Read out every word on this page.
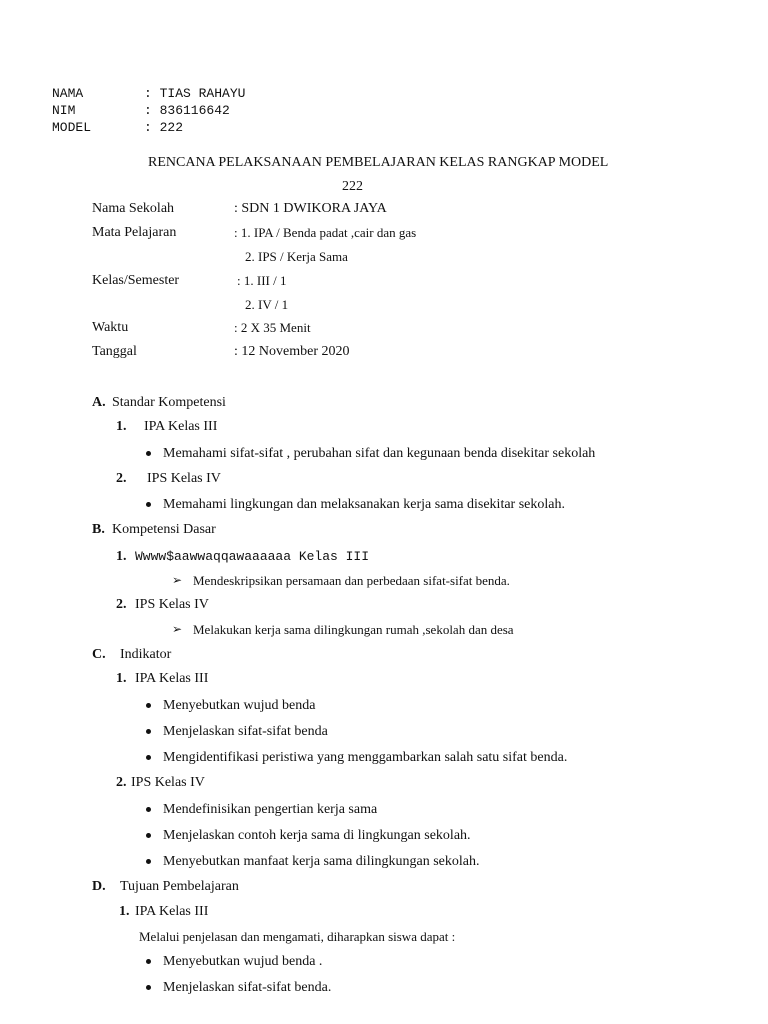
NAMA	: TIAS RAHAYU
NIM	: 836116642
MODEL	: 222
RENCANA PELAKSANAAN PEMBELAJARAN KELAS RANGKAP MODEL
222
Nama Sekolah	: SDN 1 DWIKORA JAYA
Mata Pelajaran	: 1. IPA / Benda padat ,cair dan gas
2. IPS / Kerja Sama
Kelas/Semester	: 1. III / 1
2. IV / 1
Waktu	: 2 X 35 Menit
Tanggal	: 12 November 2020
A. Standar Kompetensi
1. IPA Kelas III
Memahami sifat-sifat , perubahan sifat dan kegunaan benda disekitar sekolah
2. IPS Kelas IV
Memahami lingkungan dan melaksanakan kerja sama disekitar sekolah.
B. Kompetensi Dasar
1. Wwww$aawwaqqawaaaaaa Kelas III
➢ Mendeskripsikan persamaan dan perbedaan sifat-sifat benda.
2. IPS Kelas IV
➢ Melakukan kerja sama dilingkungan rumah ,sekolah dan desa
C. Indikator
1. IPA Kelas III
Menyebutkan wujud benda
Menjelaskan sifat-sifat benda
Mengidentifikasi peristiwa yang menggambarkan salah satu sifat benda.
2. IPS Kelas IV
Mendefinisikan pengertian kerja sama
Menjelaskan contoh kerja sama di lingkungan sekolah.
Menyebutkan manfaat kerja sama dilingkungan sekolah.
D. Tujuan Pembelajaran
1. IPA Kelas III
Melalui penjelasan dan mengamati, diharapkan siswa dapat :
Menyebutkan wujud benda .
Menjelaskan sifat-sifat benda.
